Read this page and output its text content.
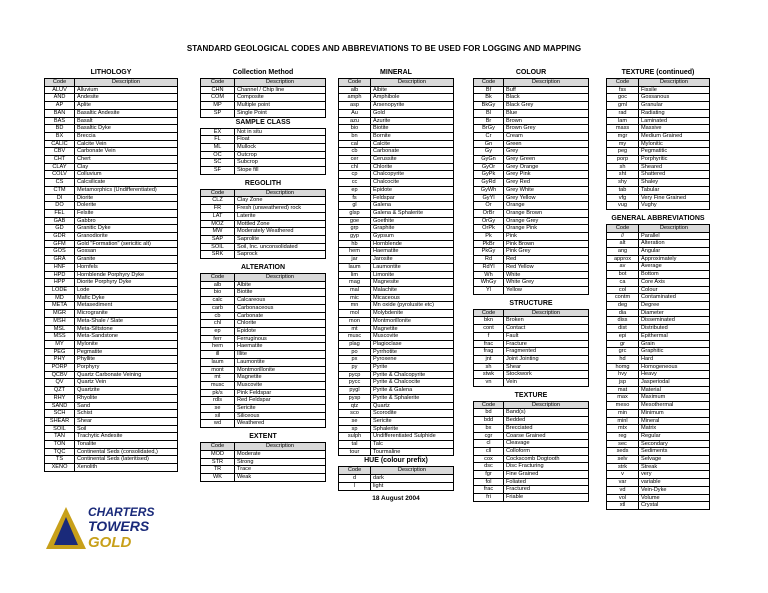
STANDARD GEOLOGICAL CODES AND ABBREVIATIONS TO BE USED FOR LOGGING AND MAPPING
LITHOLOGY
Code	Description
ALUV	Alluvium
AND	Andesite
AP	Aplite
BAN	Basaltic Andesite
BAS	Basalt
BD	Basaltic Dyke
BX	Breccia
CALIC	Calcite Vein
CBV	Carbonate Vein
CHT	Chert
CLAY	Clay
COLV	Colluvium
CS	Calcsilicate
CTM	Metamorphics (Undifferentiated)
DI	Diorite
DO	Dolerite
FEL	Felsite
GAB	Gabbro
GD	Granitic Dyke
GDR	Granodiorite
GFM	Gold "Formation" (sericitic alt)
GOS	Gossan
GRA	Granite
HNF	Hornfels
HPD	Hornblende Porphyry Dyke
HPP	Diorite Porphyry Dyke
LODE	Lode
MD	Mafic Dyke
META	Metasediment
MGR	Microgranite
MSH	Meta-Shale / Slate
MSL	Meta-Siltstone
MSS	Meta-Sandstone
MY	Mylonite
PEG	Pegmatite
PHY	Phyllite
PORP	Porphyry
QCBV	Quartz Carbonate Veining
QV	Quartz Vein
QZT	Quartzite
RHY	Rhyolite
SAND	Sand
SCH	Schist
SHEAR	Shear
SOIL	Soil
TAN	Trachytic Andesite
TON	Tonalite
TQC	Continental Seds (consolidated,)
TS	Continental Seds (lateritised)
XENO	Xenolith
Collection Method
Code	Description
CHN	Channel / Chip line
COM	Composite
MP	Multiple point
SP	Single Point
SAMPLE CLASS
EX	Not in situ
FL	Float
ML	Mullock
OC	Outcrop
SC	Subcrop
SF	Stope fill
REGOLITH
Code	Description
CLZ	Clay Zone
FR	Fresh (unweathered) rock
LAT	Laterite
MOZ	Mottled Zone
MW	Moderately Weathered
SAP	Saprolite
SOIL	Soil, Inc. unconsolidated
SRK	Saprock
ALTERATION
Code	Description
alb	Albite
bio	Biotite
calc	Calcareous
carb	Carbonaceous
cb	Carbonate
chl	Chlorite
ep	Epidote
ferr	Ferruginous
hem	Haematite
ill	Illite
laum	Laumontite
mont	Montmorillonite
mt	Magnetite
musc	Muscovite
pk/s	Pink Feldspar
rdls	Red Feldspar
se	Sericite
sil	Siliceous
wd	Weathered
EXTENT
Code	Description
MOD	Moderate
STR	Strong
TR	Trace
WK	Weak
MINERAL
Code	Description
alb	Albite
amph	Amphibole
asp	Arsenopyrite
Au	Gold
azu	Azurite
bio	Biotite
bn	Bornite
cal	Calcite
cb	Carbonate
cer	Cerussite
chl	Chlorite
cp	Chalcopyrite
cc	Chalcocite
ep	Epidote
fs	Feldspar
gl	Galena
glsp	Galena & Sphalerite
goe	Goethite
grp	Graphite
gyp	Gypsum
hb	Hornblende
hem	Haematite
jar	Jarosite
laum	Laumontite
lim	Limonite
mag	Magnesite
mal	Malachite
mic	Micaceous
mn	Mn oxide (pyrolusite etc)
mol	Molybdenite
mon	Montmorillonite
mt	Magnetite
musc	Muscovite
plag	Plagioclase
po	Pyrrhotite
px	Pyroxene
py	Pyrite
pycp	Pyrite & Chalcopyrite
pycc	Pyrite & Chalcocite
pygl	Pyrite & Galena
pysp	Pyrite & Sphalerite
qtz	Quartz
sco	Scorodite
se	Sericite
sp	Sphalerite
sulph	Undifferentiated Sulphide
tal	Talc
tour	Tourmaline
HUE (colour prefix)
Code	Description
d	dark
l	light
18 August 2004
COLOUR
Code	Description
Bf	Buff
Bk	Black
BkGy	Black Grey
Bl	Blue
Br	Brown
BrGy	Brown Grey
Cr	Cream
Gn	Green
Gy	Grey
GyGn	Grey Green
GyOr	Grey Orange
GyPk	Grey Pink
GyRd	Grey Red
GyWh	Grey White
GyYl	Grey Yellow
Or	Orange
OrBr	Orange Brown
OrGy	Orange Grey
OrPk	Orange Pink
Pk	Pink
PkBr	Pink Brown
PkGy	Pink Grey
Rd	Red
RdYl	Red Yellow
Wh	White
WhGy	White Grey
Yl	Yellow
STRUCTURE
Code	Description
bkn	Broken
cont	Contact
f	Fault
frac	Fracture
frag	Fragmented
jnt	Joint Jointing
sh	Shear
stwk	Stockwork
vn	Vein
TEXTURE
Code	Description
bd	Band(s)
bdd	Bedded
bx	Brecciated
cgr	Coarse Grained
cl	Cleavage
cll	Colloform
cox	Cockscomb Dogtooth
dsc	Disc Fracturing
fgr	Fine Grained
fol	Foliated
frac	Fractured
fri	Friable
TEXTURE (continued)
Code	Description
fss	Fissile
goc	Gossanous
gml	Granular
rad	Radiating
lam	Laminated
mass	Massive
mgr	Medium Grained
my	Mylonitic
peg	Pegmatitic
porp	Porphyritic
sh	Sheared
sht	Shattered
shy	Shaley
tab	Tabular
vfg	Very Fine Grained
vug	Vughy
GENERAL ABBREVIATIONS
Code	Description
//	Parallel
alt	Alteration
ang	Angular
approx	Approximately
av	Average
bot	Bottom
ca	Core Axis
col	Colour
contm	Contaminated
deg	Degree
dia	Diameter
diss	Disseminated
dist	Distributed
epi	Epithermal
gr	Grain
grc	Graphitic
hd	Hard
homg	Homogeneous
hvy	Heavy
jsp	Jasperiodal
mat	Material
max	Maximum
meso	Mesothermal
min	Minimum
minl	Mineral
mtx	Matrix
reg	Regular
sec	Secondary
seds	Sediments
selv	Selvage
strk	Streak
v	very
var	variable
vd	Vein-Dyke
vol	Volume
xtl	Crystal
CHARTERS
TOWERS
GOLD
